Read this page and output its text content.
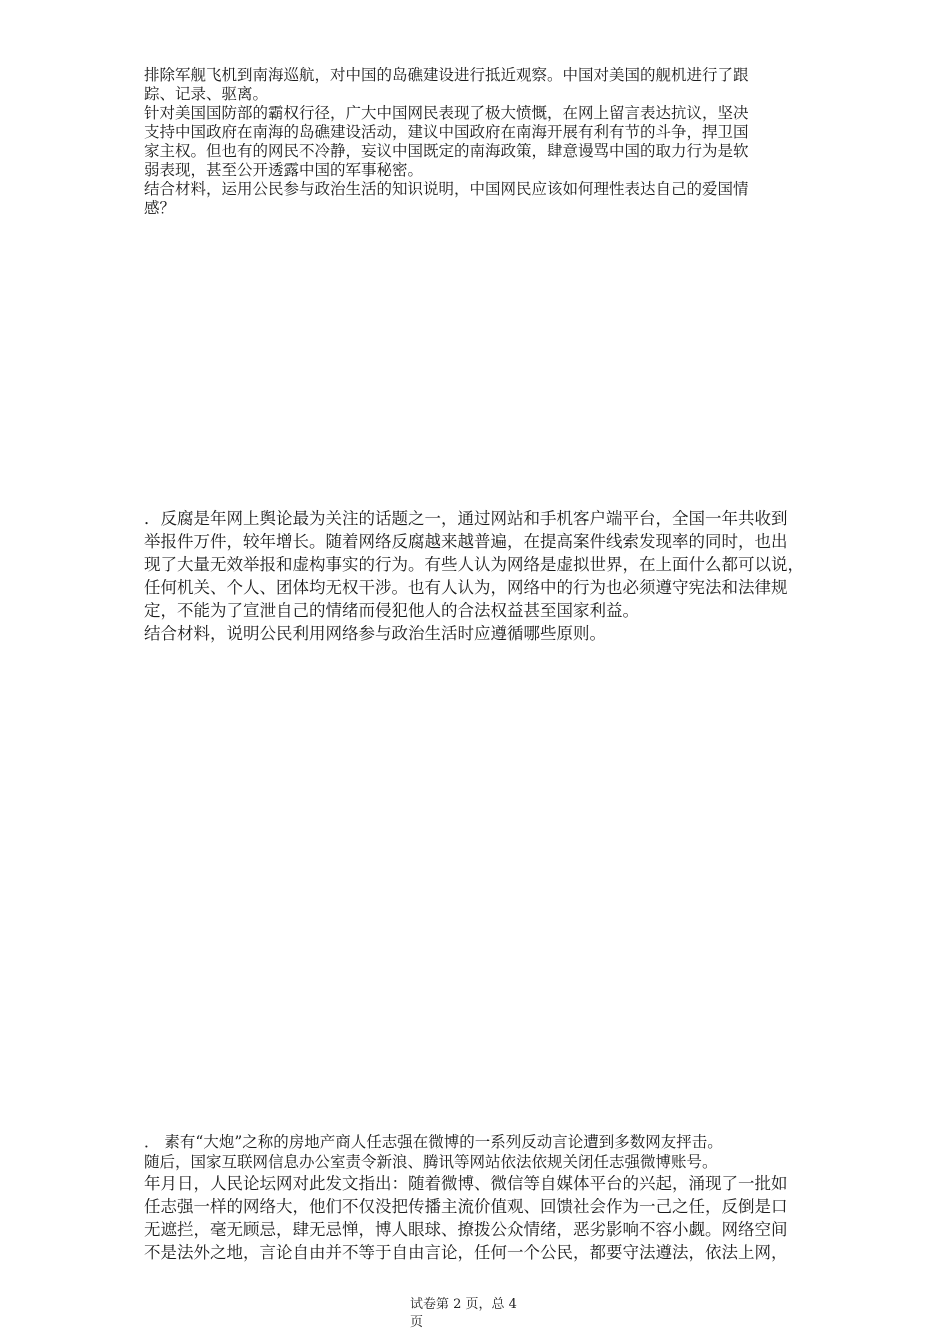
排除军舰飞机到南海巡航，对中国的岛礁建设进行抵近观察。中国对美国的舰机进行了跟
踪、记录、驱离。
针对美国国防部的霸权行径，广大中国网民表现了极大愤慨，在网上留言表达抗议，坚决
支持中国政府在南海的岛礁建设活动，建议中国政府在南海开展有利有节的斗争，捍卫国
家主权。但也有的网民不冷静，妄议中国既定的南海政策，肆意谩骂中国的取力行为是软
弱表现，甚至公开透露中国的军事秘密。
结合材料，运用公民参与政治生活的知识说明，中国网民应该如何理性表达自己的爱国情
感？
．反腐是年网上舆论最为关注的话题之一，通过网站和手机客户端平台，全国一年共收到
举报件万件，较年增长。随着网络反腐越来越普遍，在提高案件线索发现率的同时，也出
现了大量无效举报和虚构事实的行为。有些人认为网络是虚拟世界，在上面什么都可以说，
任何机关、个人、团体均无权干涉。也有人认为，网络中的行为也必须遵守宪法和法律规
定，不能为了宣泄自己的情绪而侵犯他人的合法权益甚至国家利益。
结合材料，说明公民利用网络参与政治生活时应遵循哪些原则。
． 素有“大炮”之称的房地产商人任志强在微博的一系列反动言论遭到多数网友抨击。
随后，国家互联网信息办公室责令新浪、腾讯等网站依法依规关闭任志强微博账号。
年月日，人民论坛网对此发文指出：随着微博、微信等自媒体平台的兴起，涌现了一批如
任志强一样的网络大，他们不仅没把传播主流价值观、回馈社会作为一己之任，反倒是口
无遮拦，毫无顾忌，肆无忌惮，博人眼球、撩拨公众情绪，恶劣影响不容小觑。网络空间
不是法外之地，言论自由并不等于自由言论，任何一个公民，都要守法遵法，依法上网，
试卷第 2 页，总 4
页
